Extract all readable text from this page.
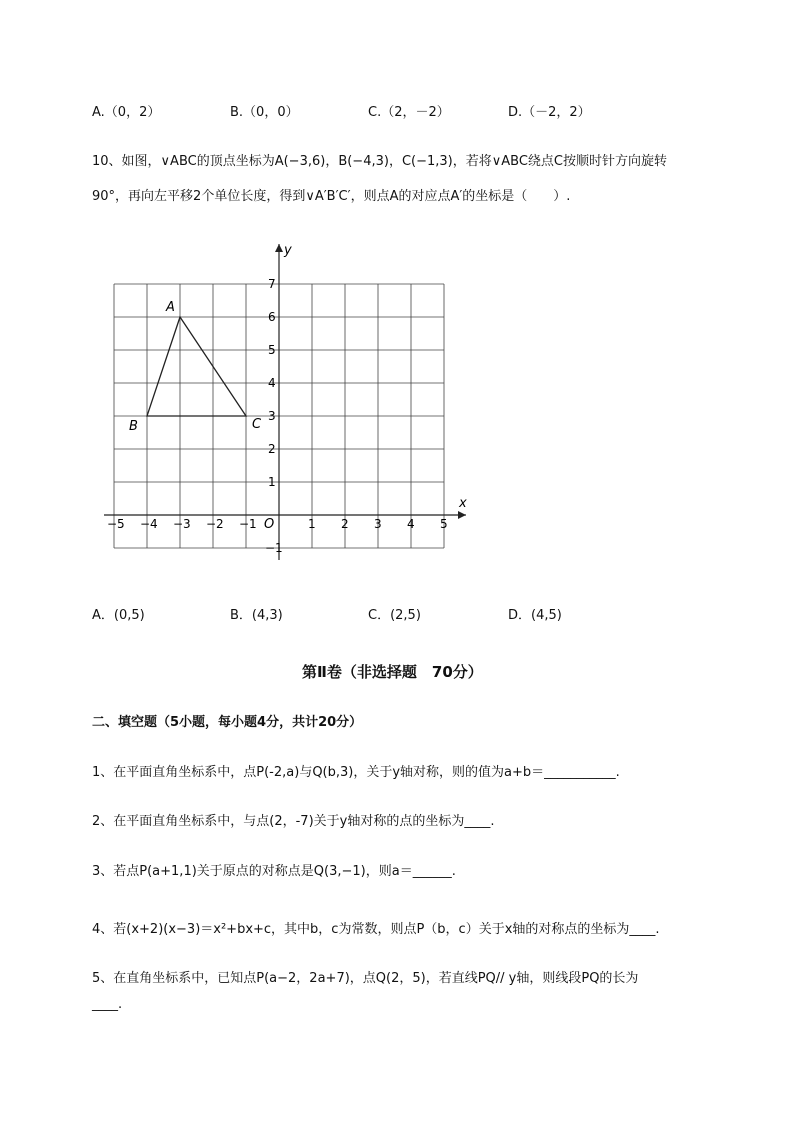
A.（0，2）	B.（0，0）	C.（2，－2）	D.（－2，2）
10、如图，∨ABC的顶点坐标为A(−3,6)，B(−4,3)，C(−1,3)，若将∨ABC绕点C按顺时针方向旋转
90°，再向左平移2个单位长度，得到∨A′B′C′，则点A的对应点A′的坐标是（　　）.
x
y
O
−5 −4 −3 −2 −1	1 2 3 4 5
7
6
5
4
3
2
1
−1
A
B	C
A．(0,5)	B．(4,3)	C．(2,5)	D．(4,5)
第Ⅱ卷（非选择题　70分）
二、填空题（5小题，每小题4分，共计20分）
1、在平面直角坐标系中，点P(-2,a)与Q(b,3)，关于y轴对称，则的值为a+b＝___________.
2、在平面直角坐标系中，与点(2，-7)关于y轴对称的点的坐标为____.
3、若点P(a+1,1)关于原点的对称点是Q(3,−1)，则a＝______.
4、若(x+2)(x−3)＝x²+bx+c，其中b，c为常数，则点P（b，c）关于x轴的对称点的坐标为____.
5、在直角坐标系中，已知点P(a−2，2a+7)，点Q(2，5)，若直线PQ// y轴，则线段PQ的长为
____.
